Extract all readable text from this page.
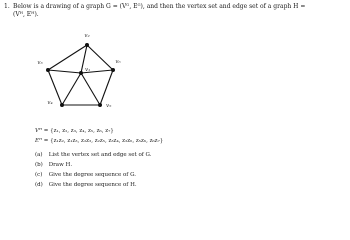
1. Below is a drawing of a graph G = (Vᴳ, Eᴳ), and then the vertex set and edge set of a graph H =
(Vᴴ, Eᴴ).
v₂
v₃	v₆
v₁
v₄	v₅
Vᴴ = {z₁, z₂, z₃, z₄, z₅, z₆, z₇}
Eᴴ = {z₁z₂, z₁z₃, z₂z₃, z₂z₅, z₃z₄, z₃z₆, z₅z₆, z₆z₇}
(a) List the vertex set and edge set of G.
(b) Draw H.
(c) Give the degree sequence of G.
(d) Give the degree sequence of H.
